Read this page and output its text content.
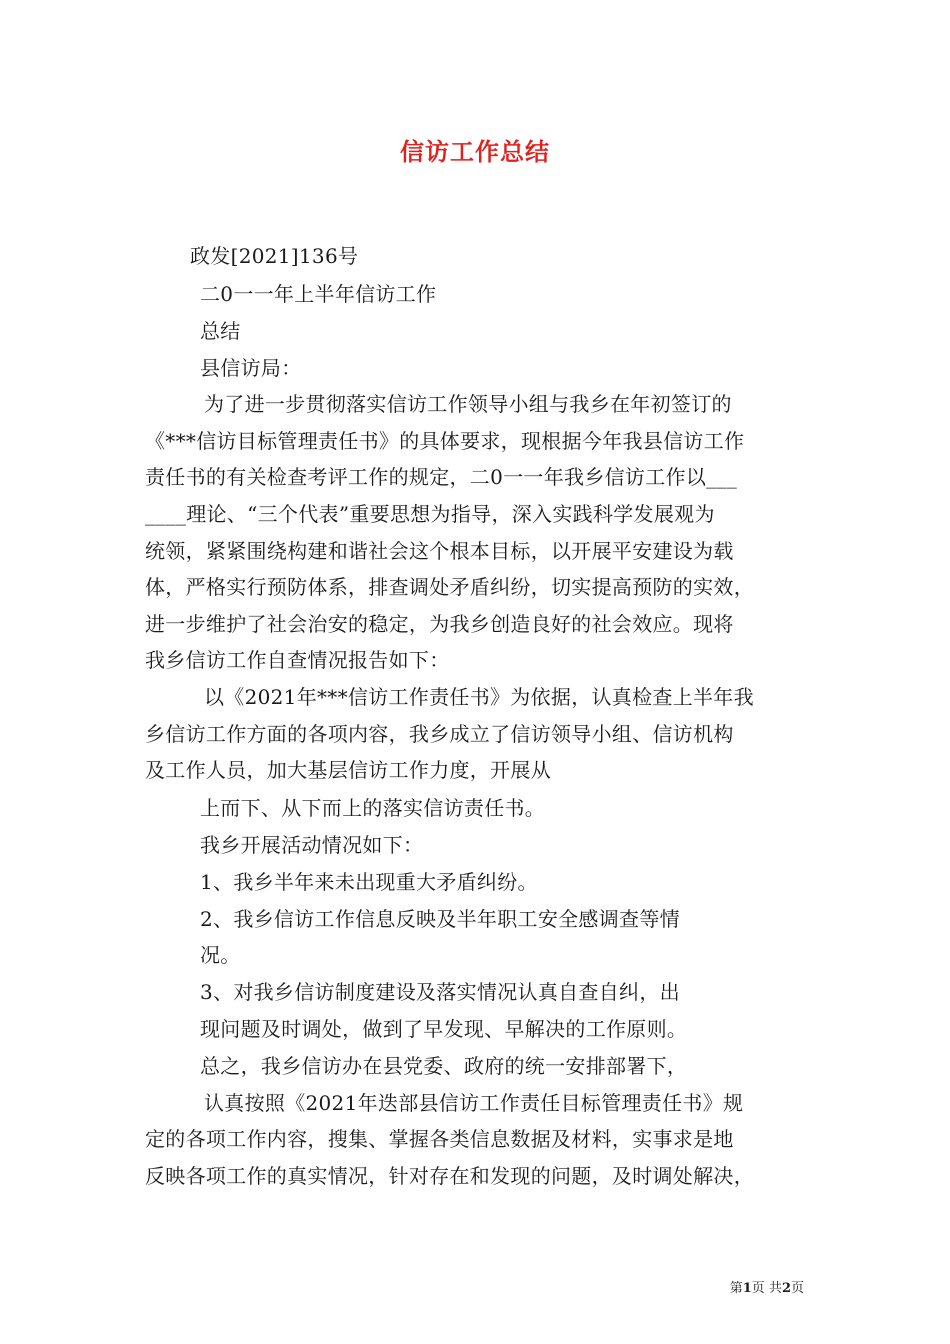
信访工作总结
政发[2021]136号
二0一一年上半年信访工作
总结
县信访局：
为了进一步贯彻落实信访工作领导小组与我乡在年初签订的
《***信访目标管理责任书》的具体要求，现根据今年我县信访工作
责任书的有关检查考评工作的规定，二0一一年我乡信访工作以___
____理论、“三个代表”重要思想为指导，深入实践科学发展观为
统领，紧紧围绕构建和谐社会这个根本目标，以开展平安建设为载
体，严格实行预防体系，排查调处矛盾纠纷，切实提高预防的实效，
进一步维护了社会治安的稳定，为我乡创造良好的社会效应。现将
我乡信访工作自查情况报告如下：
以《2021年***信访工作责任书》为依据，认真检查上半年我
乡信访工作方面的各项内容，我乡成立了信访领导小组、信访机构
及工作人员，加大基层信访工作力度，开展从
上而下、从下而上的落实信访责任书。
我乡开展活动情况如下：
1、我乡半年来未出现重大矛盾纠纷。
2、我乡信访工作信息反映及半年职工安全感调查等情
况。
3、对我乡信访制度建设及落实情况认真自查自纠，出
现问题及时调处，做到了早发现、早解决的工作原则。
总之，我乡信访办在县党委、政府的统一安排部署下，
认真按照《2021年迭部县信访工作责任目标管理责任书》规
定的各项工作内容，搜集、掌握各类信息数据及材料，实事求是地
反映各项工作的真实情况，针对存在和发现的问题，及时调处解决，
第1页 共2页
